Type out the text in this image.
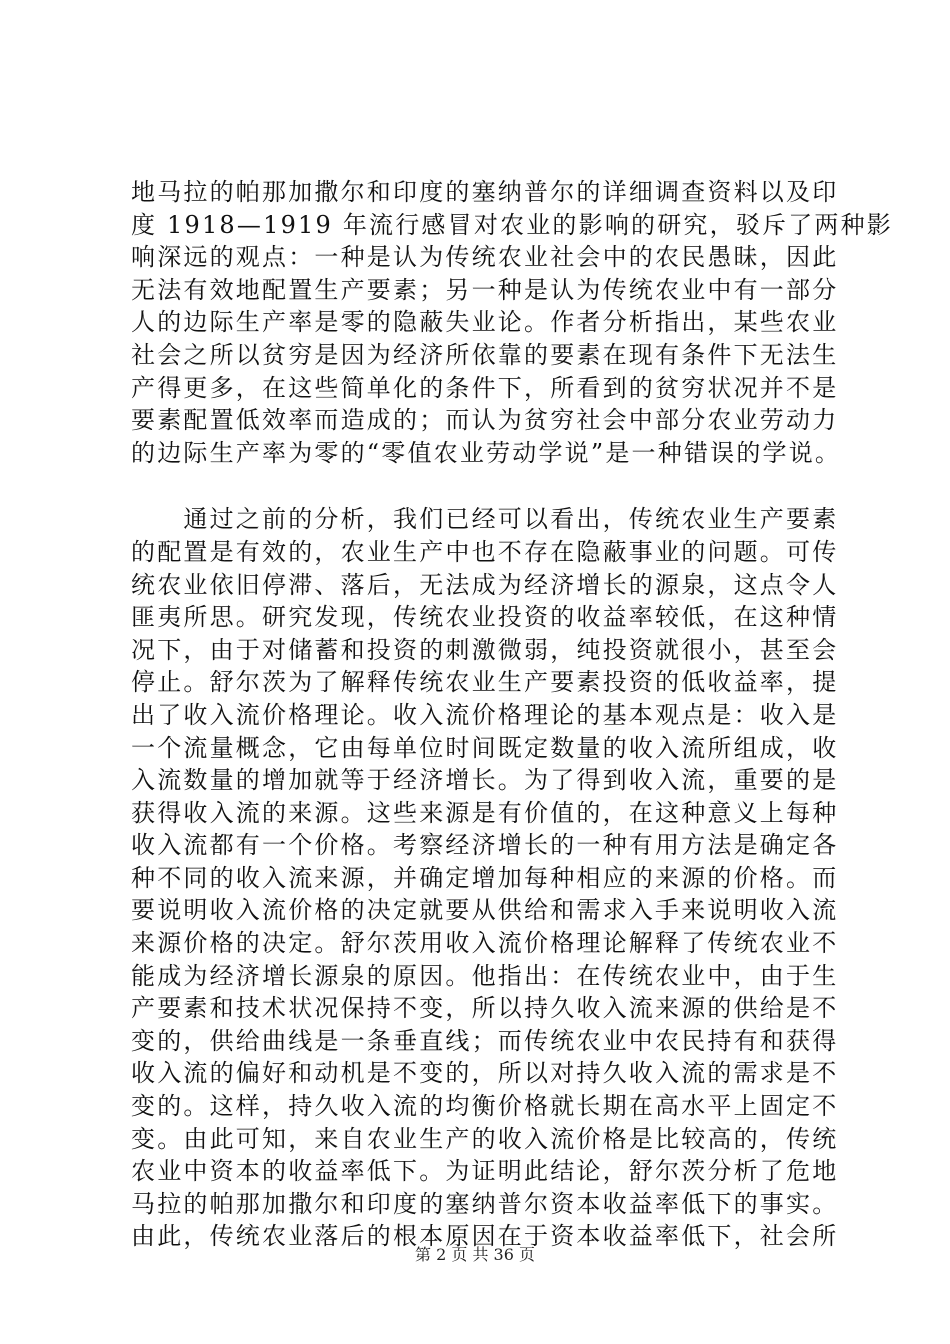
地马拉的帕那加撒尔和印度的塞纳普尔的详细调查资料以及印
度 1918—1919 年流行感冒对农业的影响的研究，驳斥了两种影
响深远的观点：一种是认为传统农业社会中的农民愚昧，因此
无法有效地配置生产要素；另一种是认为传统农业中有一部分
人的边际生产率是零的隐蔽失业论。作者分析指出，某些农业
社会之所以贫穷是因为经济所依靠的要素在现有条件下无法生
产得更多，在这些简单化的条件下，所看到的贫穷状况并不是
要素配置低效率而造成的；而认为贫穷社会中部分农业劳动力
的边际生产率为零的“零值农业劳动学说”是一种错误的学说。
　　通过之前的分析，我们已经可以看出，传统农业生产要素
的配置是有效的，农业生产中也不存在隐蔽事业的问题。可传
统农业依旧停滞、落后，无法成为经济增长的源泉，这点令人
匪夷所思。研究发现，传统农业投资的收益率较低，在这种情
况下，由于对储蓄和投资的刺激微弱，纯投资就很小，甚至会
停止。舒尔茨为了解释传统农业生产要素投资的低收益率，提
出了收入流价格理论。收入流价格理论的基本观点是：收入是
一个流量概念，它由每单位时间既定数量的收入流所组成，收
入流数量的增加就等于经济增长。为了得到收入流，重要的是
获得收入流的来源。这些来源是有价值的，在这种意义上每种
收入流都有一个价格。考察经济增长的一种有用方法是确定各
种不同的收入流来源，并确定增加每种相应的来源的价格。而
要说明收入流价格的决定就要从供给和需求入手来说明收入流
来源价格的决定。舒尔茨用收入流价格理论解释了传统农业不
能成为经济增长源泉的原因。他指出：在传统农业中，由于生
产要素和技术状况保持不变，所以持久收入流来源的供给是不
变的，供给曲线是一条垂直线；而传统农业中农民持有和获得
收入流的偏好和动机是不变的，所以对持久收入流的需求是不
变的。这样，持久收入流的均衡价格就长期在高水平上固定不
变。由此可知，来自农业生产的收入流价格是比较高的，传统
农业中资本的收益率低下。为证明此结论，舒尔茨分析了危地
马拉的帕那加撒尔和印度的塞纳普尔资本收益率低下的事实。
由此，传统农业落后的根本原因在于资本收益率低下，社会所
第 2 页 共 36 页
